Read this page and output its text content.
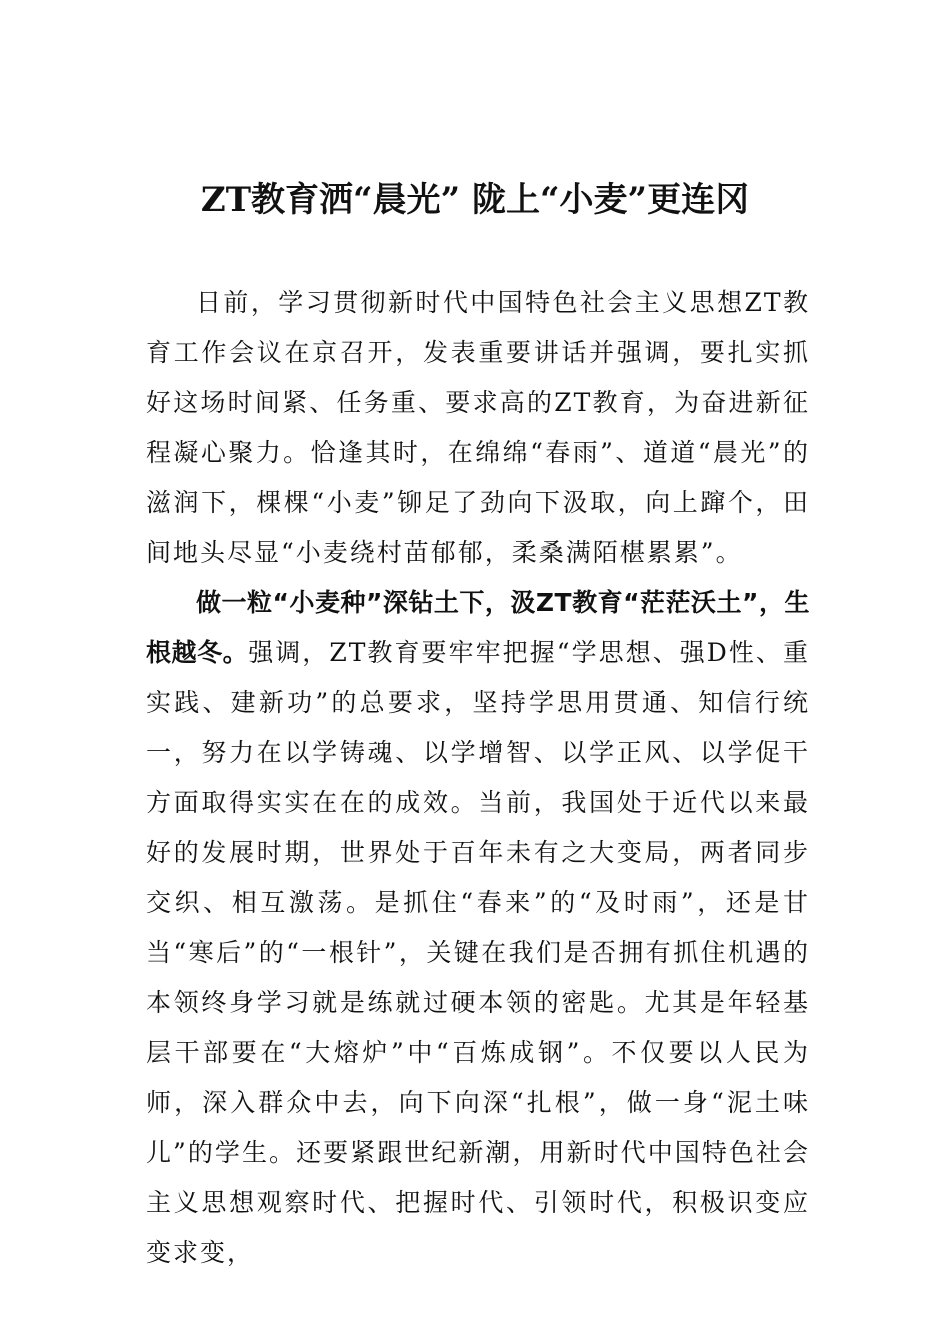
ZT教育洒“晨光” 陇上“小麦”更连冈

日前，学习贯彻新时代中国特色社会主义思想ZT教育工作会议在京召开，发表重要讲话并强调，要扎实抓好这场时间紧、任务重、要求高的ZT教育，为奋进新征程凝心聚力。恰逢其时，在绵绵“春雨”、道道“晨光”的滋润下，棵棵“小麦”铆足了劲向下汲取，向上蹿个，田间地头尽显“小麦绕村苗郁郁，柔桑满陌椹累累”。

做一粒“小麦种”深钻土下，汲ZT教育“茫茫沃土”，生根越冬。强调，ZT教育要牢牢把握“学思想、强D性、重实践、建新功”的总要求，坚持学思用贯通、知信行统一，努力在以学铸魂、以学增智、以学正风、以学促干方面取得实实在在的成效。当前，我国处于近代以来最好的发展时期，世界处于百年未有之大变局，两者同步交织、相互激荡。是抓住“春来”的“及时雨”，还是甘当“寒后”的“一根针”，关键在我们是否拥有抓住机遇的本领终身学习就是练就过硬本领的密匙。尤其是年轻基层干部要在“大熔炉”中“百炼成钢”。不仅要以人民为师，深入群众中去，向下向深“扎根”，做一身“泥土味儿”的学生。还要紧跟世纪新潮，用新时代中国特色社会主义思想观察时代、把握时代、引领时代，积极识变应变求变，
